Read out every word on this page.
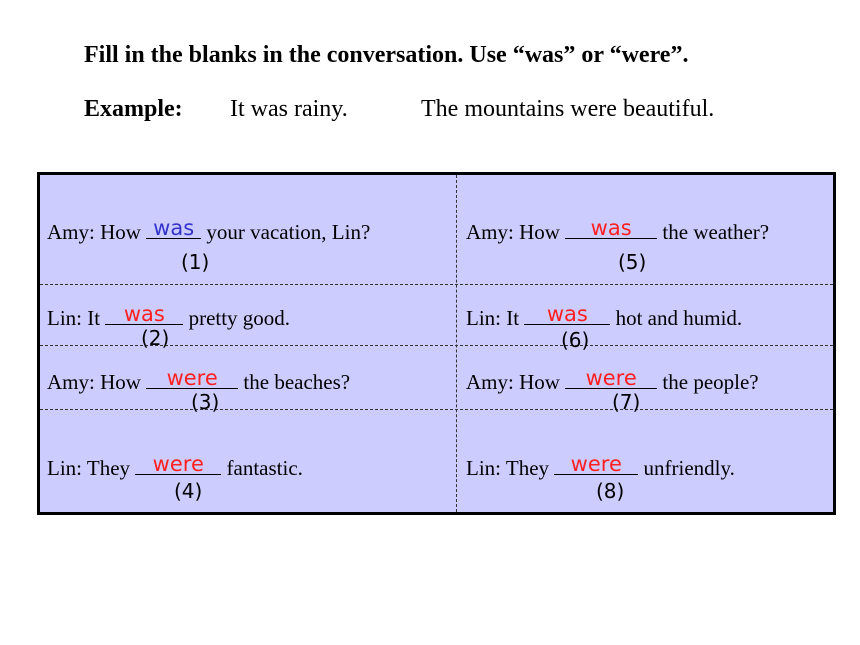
Fill in the blanks in the conversation. Use “was” or “were”.
Example: It was rainy.	The mountains were beautiful.
Amy: How was your vacation, Lin?
(1)
Lin: It	was	pretty good.
(2)
Amy: How	were	the beaches?
(3)
Lin: They	were	fantastic.
(4)
Amy: How	was	the weather?
(5)
Lin: It	was	hot and humid.
(6)
Amy: How	were	the people?
(7)
Lin: They	were	unfriendly.
(8)
